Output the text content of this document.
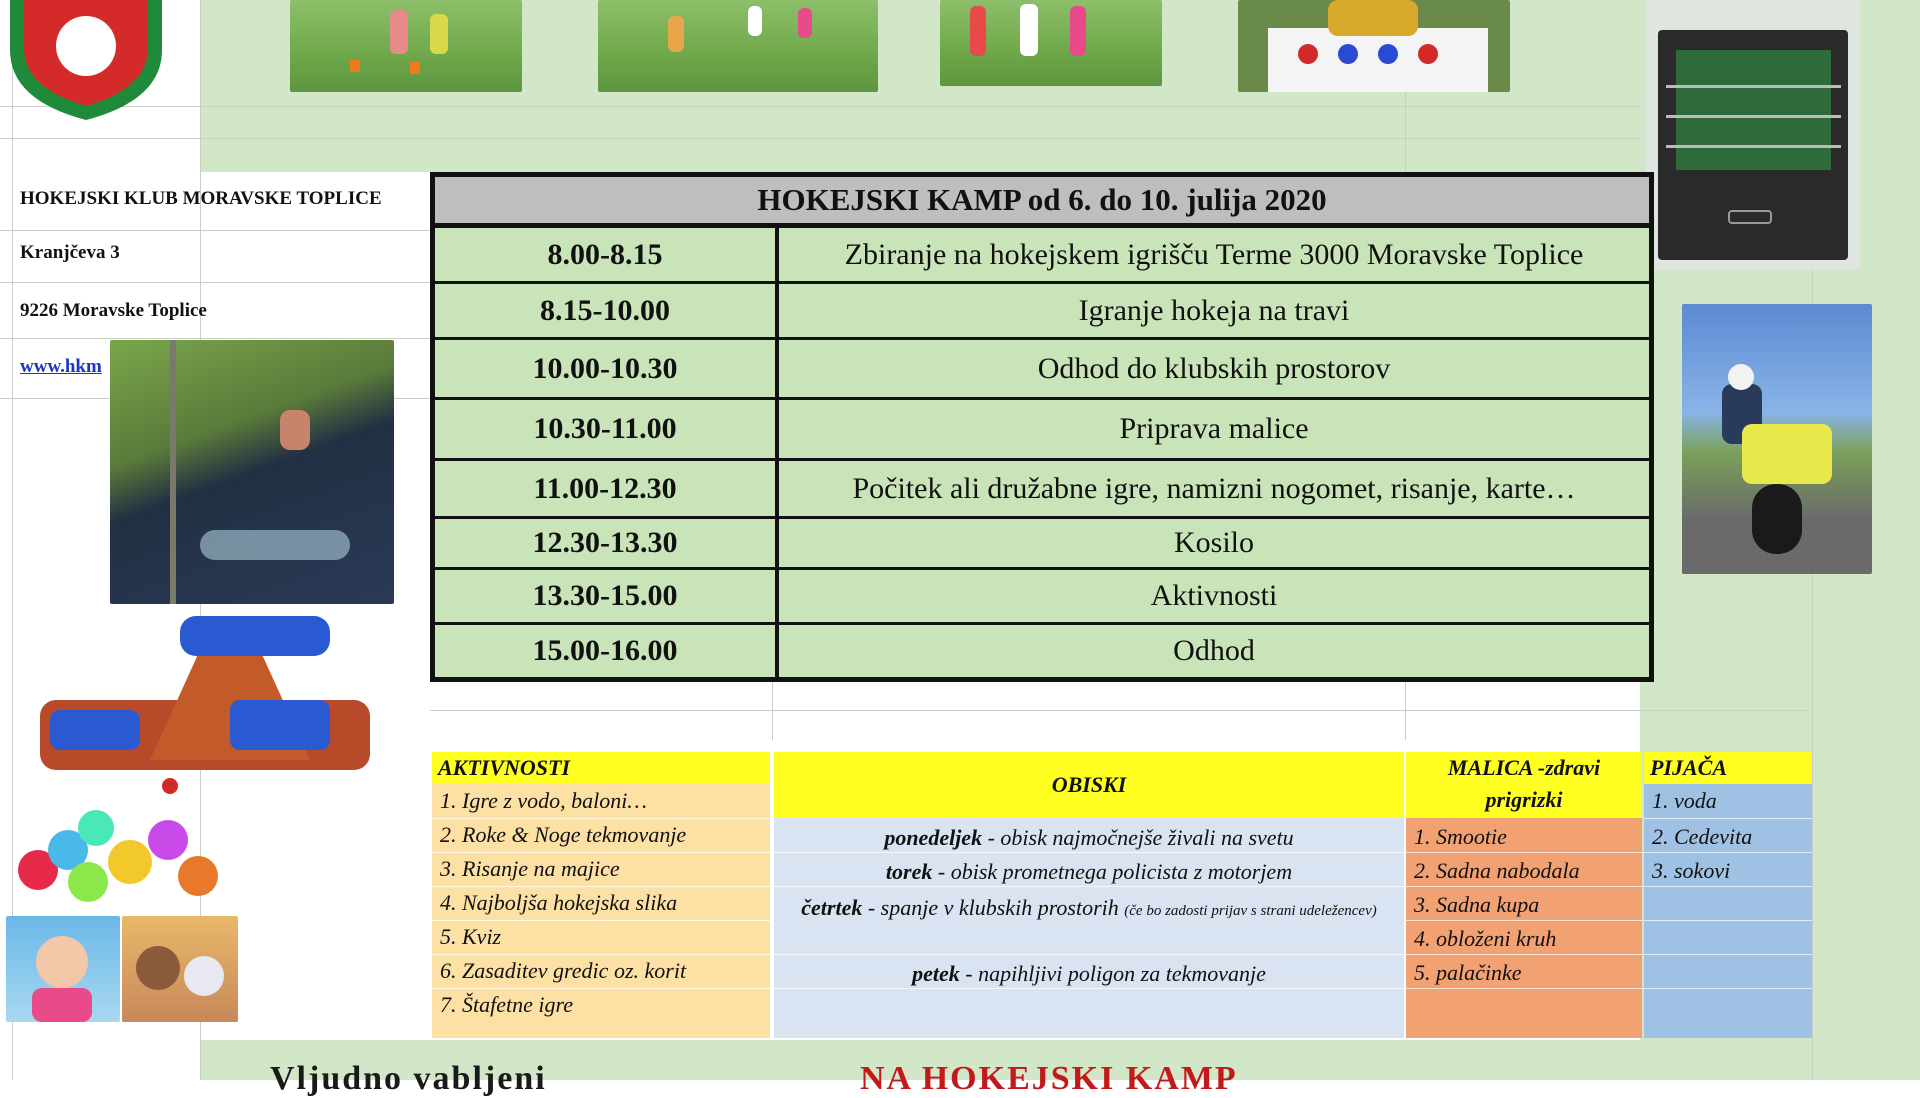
HOKEJSKI KLUB MORAVSKE TOPLICE
Kranjčeva 3
9226 Moravske Toplice
www.hkm
HOKEJSKI KAMP od 6. do 10. julija 2020
8.00-8.15	Zbiranje na hokejskem igrišču Terme 3000 Moravske Toplice
8.15-10.00	Igranje hokeja na travi
10.00-10.30	Odhod do klubskih prostorov
10.30-11.00	Priprava malice
11.00-12.30	Počitek ali družabne igre, namizni nogomet, risanje, karte…
12.30-13.30	Kosilo
13.30-15.00	Aktivnosti
15.00-16.00	Odhod
AKTIVNOSTI
1. Igre z vodo, baloni…
2. Roke & Noge tekmovanje
3. Risanje na majice
4. Najboljša hokejska slika
5. Kviz
6. Zasaditev gredic oz. korit
7. Štafetne igre
OBISKI
ponedeljek - obisk najmočnejše živali na svetu
torek - obisk prometnega policista z motorjem
četrtek - spanje v klubskih prostorih (če bo zadosti prijav s strani udeležencev)
petek - napihljivi poligon za tekmovanje
MALICA -zdravi
prigrizki
1. Smootie
2. Sadna nabodala
3. Sadna kupa
4. obloženi kruh
5. palačinke
PIJAČA
1. voda
2. Cedevita
3. sokovi
Vljudno vabljeni	NA HOKEJSKI KAMP
